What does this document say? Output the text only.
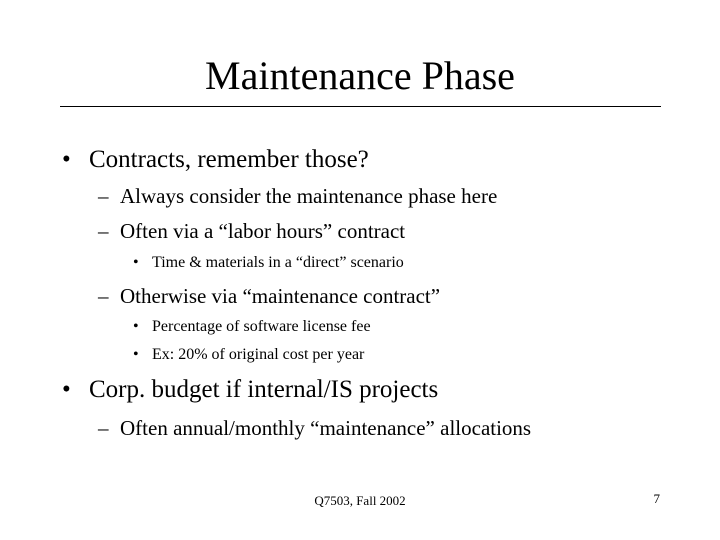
Maintenance Phase
• Contracts, remember those?
– Always consider the maintenance phase here
– Often via a “labor hours” contract
• Time & materials in a “direct” scenario
– Otherwise via “maintenance contract”
• Percentage of software license fee
• Ex: 20% of original cost per year
• Corp. budget if internal/IS projects
– Often annual/monthly “maintenance” allocations
Q7503, Fall 2002	7
